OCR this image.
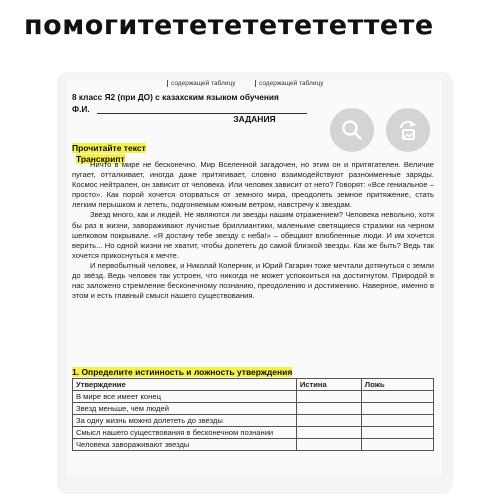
помогитететететететтете
содержащей таблицу	содержащей таблицу
8 класс Я2 (при ДО) с казахским языком обучения
Ф.И.
ЗАДАНИЯ
Прочитайте текст
Транскрипт

Ничто в мире не бесконечно. Мир Вселенной загадочен, но этим он и притягателен. Величие пугает, отталкивает, иногда даже притягивает, словно взаимодействуют разноименные заряды. Космос нейтрален, он зависит от человека. Или человек зависит от него? Говорят: «Все гениальное – просто». Как порой хочется оторваться от земного мира, преодолеть земное притяжение, стать легким перышком и лететь, подгоняемым южным ветром, навстречу к звездам.

Звезд много, как и людей. Не являются ли звезды нашим отражением? Человека невольно, хотя бы раз в жизни, завораживают лучистые бриллиантики, маленькие светящиеся стразики на черном шелковом покрывале. «Я достану тебе звезду с неба!» – обещают влюбленные люди. И им хочется верить... Но одной жизни не хватит, чтобы долететь до самой близкой звезды. Как же быть? Ведь так хочется прикоснуться к мечте.

И первобытный человек, и Николай Коперник, и Юрий Гагарин тоже мечтали дотянуться с земли до звёзд. Ведь человек так устроен, что никогда не может успокоиться на достигнутом. Природой в нас заложено стремление бесконечному познанию, преодолению и достижению. Наверное, именно в этом и есть главный смысл нашего существования.

1. Определите истинность и ложность утверждения
Утверждение	Истина	Ложь
В мире все имеет конец		
Звезд меньше, чем людей		
За одну жизнь можно долететь до звезды		
Смысл нашего существования в бесконечном познании		
Человека завораживают звезды		
